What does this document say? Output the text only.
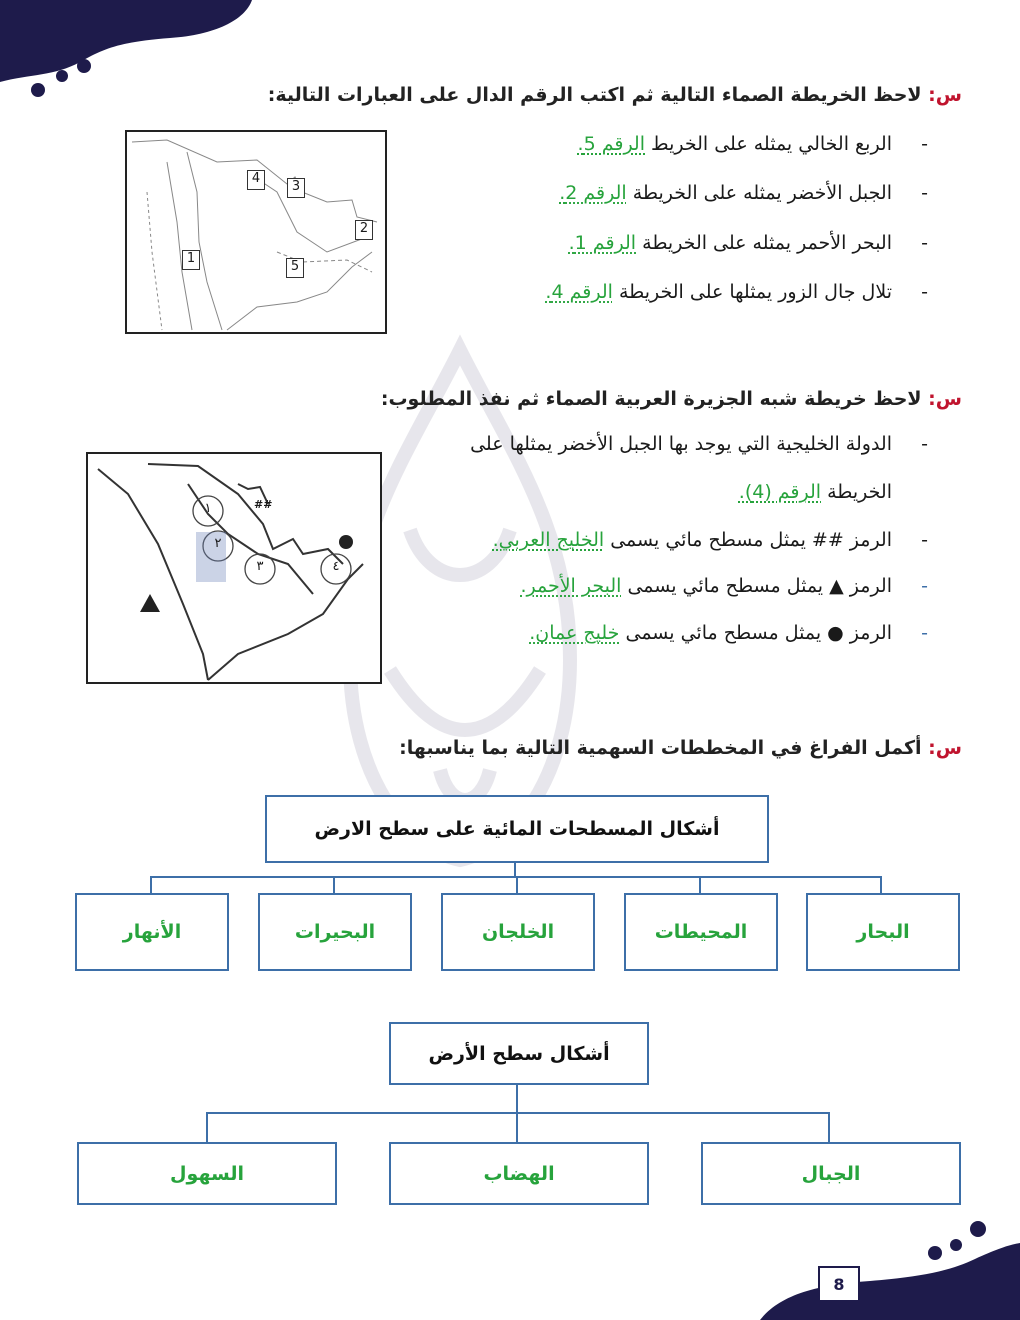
8
س: لاحظ الخريطة الصماء التالية ثم اكتب الرقم الدال على العبارات التالية:
4
3
2
1
5
-الربع الخالي يمثله على الخريط الرقم 5.
-الجبل الأخضر يمثله على الخريطة الرقم 2.
-البحر الأحمر يمثله على الخريطة الرقم 1.
-تلال جال الزور يمثلها على الخريطة الرقم 4.
س: لاحظ خريطة شبه الجزيرة العربية الصماء ثم نفذ المطلوب:
١
٢
٣	٤
##
-الدولة الخليجية التي يوجد بها الجبل الأخضر يمثلها على
الخريطة الرقم (4).
-الرمز ## يمثل مسطح مائي يسمى الخليج العربي.
-الرمز ▲ يمثل مسطح مائي يسمى البحر الأحمر.
-الرمز ● يمثل مسطح مائي يسمى خليج عمان.
س: أكمل الفراغ في المخططات السهمية التالية بما يناسبها:
أشكال المسطحات المائية على سطح الارض
البحار
المحيطات
الخلجان
البحيرات
الأنهار
أشكال سطح الأرض
الجبال
الهضاب
السهول
